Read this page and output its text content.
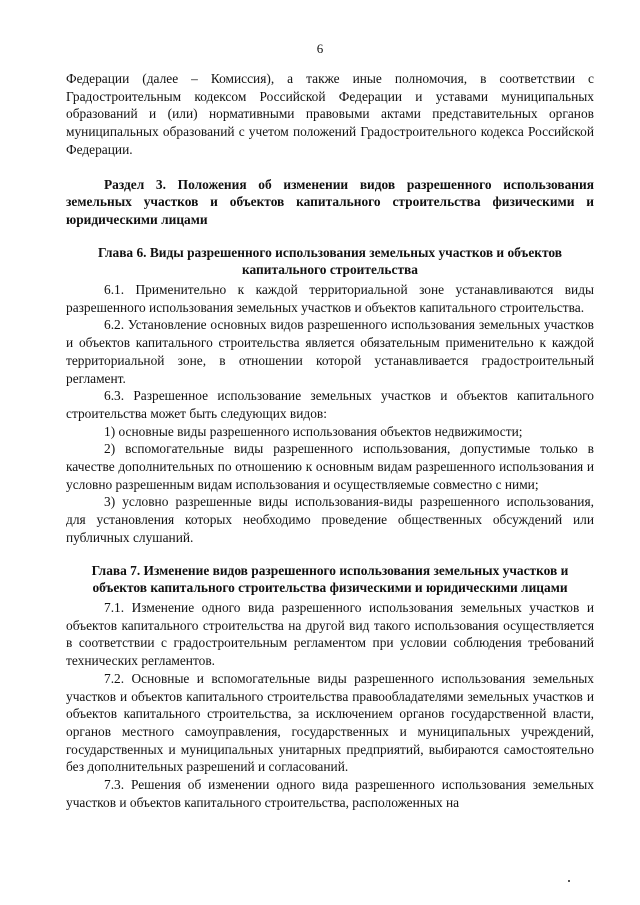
6

Федерации (далее – Комиссия), а также иные полномочия, в соответствии с Градостроительным кодексом Российской Федерации и уставами муниципальных образований и (или) нормативными правовыми актами представительных органов муниципальных образований с учетом положений Градостроительного кодекса Российской Федерации.

Раздел 3. Положения об изменении видов разрешенного использования земельных участков и объектов капитального строительства физическими и юридическими лицами

Глава 6. Виды разрешенного использования земельных участков и объектов капитального строительства

6.1. Применительно к каждой территориальной зоне устанавливаются виды разрешенного использования земельных участков и объектов капитального строительства.

6.2. Установление основных видов разрешенного использования земельных участков и объектов капитального строительства является обязательным применительно к каждой территориальной зоне, в отношении которой устанавливается градостроительный регламент.

6.3. Разрешенное использование земельных участков и объектов капитального строительства может быть следующих видов:

1) основные виды разрешенного использования объектов недвижимости;

2) вспомогательные виды разрешенного использования, допустимые только в качестве дополнительных по отношению к основным видам разрешенного использования и условно разрешенным видам использования и осуществляемые совместно с ними;

3) условно разрешенные виды использования-виды разрешенного использования, для установления которых необходимо проведение общественных обсуждений или публичных слушаний.

Глава 7. Изменение видов разрешенного использования земельных участков и объектов капитального строительства физическими и юридическими лицами

7.1. Изменение одного вида разрешенного использования земельных участков и объектов капитального строительства на другой вид такого использования осуществляется в соответствии с градостроительным регламентом при условии соблюдения требований технических регламентов.

7.2. Основные и вспомогательные виды разрешенного использования земельных участков и объектов капитального строительства правообладателями земельных участков и объектов капитального строительства, за исключением органов государственной власти, органов местного самоуправления, государственных и муниципальных учреждений, государственных и муниципальных унитарных предприятий, выбираются самостоятельно без дополнительных разрешений и согласований.

7.3. Решения об изменении одного вида разрешенного использования земельных участков и объектов капитального строительства, расположенных на
